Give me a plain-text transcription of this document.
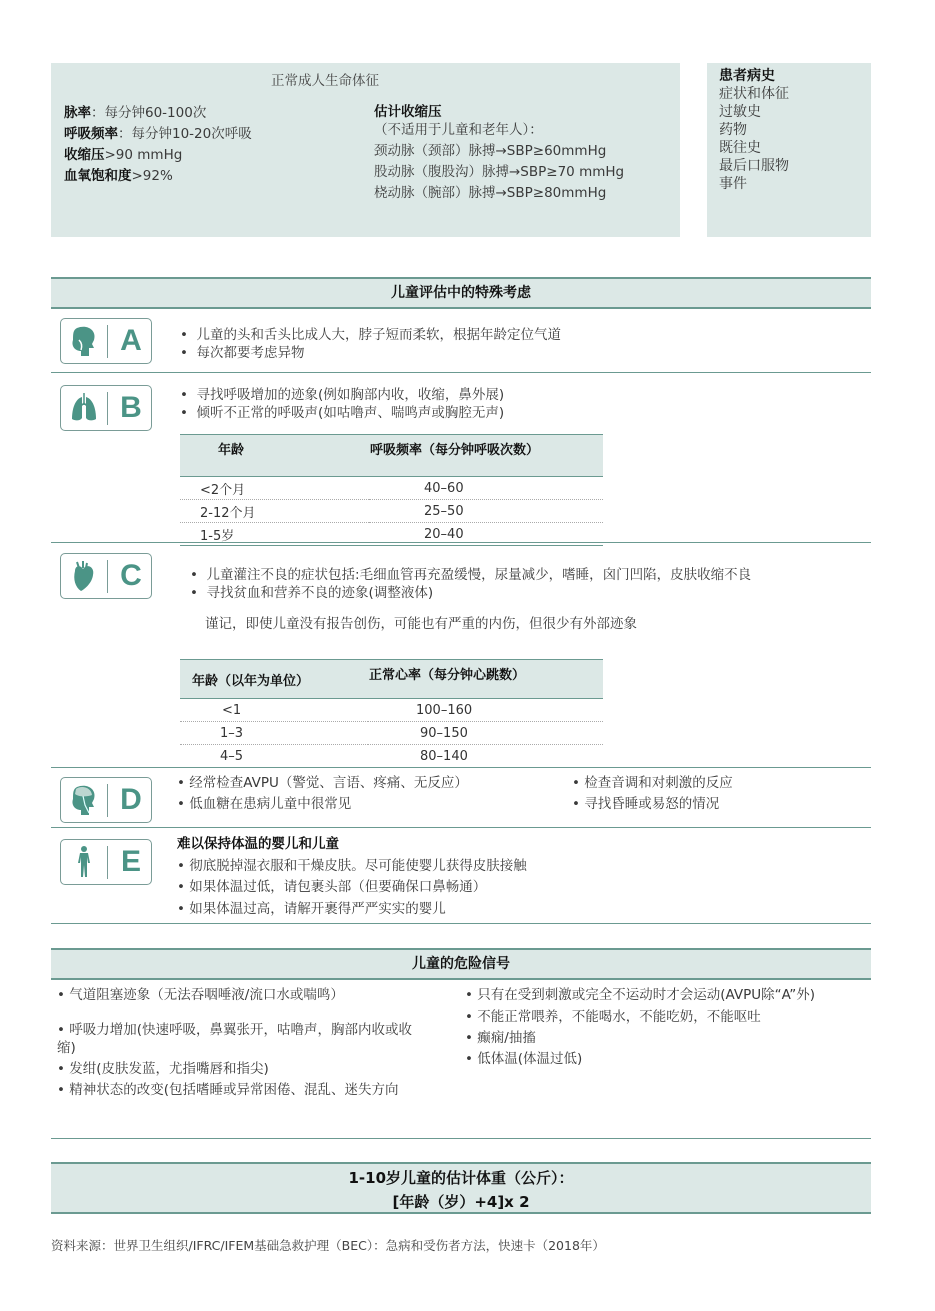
正常成人生命体征
脉率：每分钟60-100次
呼吸频率：每分钟10-20次呼吸
收缩压>90 mmHg
血氧饱和度>92%
估计收缩压
（不适用于儿童和老年人）：
颈动脉（颈部）脉搏→SBP≥60mmHg
股动脉（腹股沟）脉搏→SBP≥70 mmHg
桡动脉（腕部）脉搏→SBP≥80mmHg
患者病史
症状和体征
过敏史
药物
既往史
最后口服物
事件
儿童评估中的特殊考虑
A	•  儿童的头和舌头比成人大，脖子短而柔软，根据年龄定位气道
•  每次都要考虑异物
B	•  寻找呼吸增加的迹象(例如胸部内收，收缩，鼻外展)
•  倾听不正常的呼吸声(如咕噜声、喘鸣声或胸腔无声)
年龄	呼吸频率（每分钟呼吸次数）
<2个月	40–60
2-12个月	25–50
1-5岁	20–40
C	•  儿童灌注不良的症状包括:毛细血管再充盈缓慢，尿量减少，嗜睡，囟门凹陷，皮肤收缩不良
•  寻找贫血和营养不良的迹象(调整液体)
谨记，即使儿童没有报告创伤，可能也有严重的内伤，但很少有外部迹象
年龄（以年为单位）	正常心率（每分钟心跳数）
<1	100–160
1–3	90–150
4–5	80–140
D	• 经常检查AVPU（警觉、言语、疼痛、无反应）
• 低血糖在患病儿童中很常见
• 检查音调和对刺激的反应
• 寻找昏睡或易怒的情况
E
难以保持体温的婴儿和儿童
• 彻底脱掉湿衣服和干燥皮肤。尽可能使婴儿获得皮肤接触
• 如果体温过低，请包裹头部（但要确保口鼻畅通）
• 如果体温过高，请解开裹得严严实实的婴儿
儿童的危险信号
• 气道阻塞迹象（无法吞咽唾液/流口水或喘鸣）
• 呼吸力增加(快速呼吸，鼻翼张开，咕噜声，胸部内收或收缩)
• 发绀(皮肤发蓝，尤指嘴唇和指尖)
• 精神状态的改变(包括嗜睡或异常困倦、混乱、迷失方向
• 只有在受到刺激或完全不运动时才会运动(AVPU除“A”外)
• 不能正常喂养，不能喝水，不能吃奶，不能呕吐
• 癫痫/抽搐
• 低体温(体温过低)
1-10岁儿童的估计体重（公斤）：
[年龄（岁）+4]x 2
资料来源：世界卫生组织/IFRC/IFEM基础急救护理（BEC）：急病和受伤者方法，快速卡（2018年）
